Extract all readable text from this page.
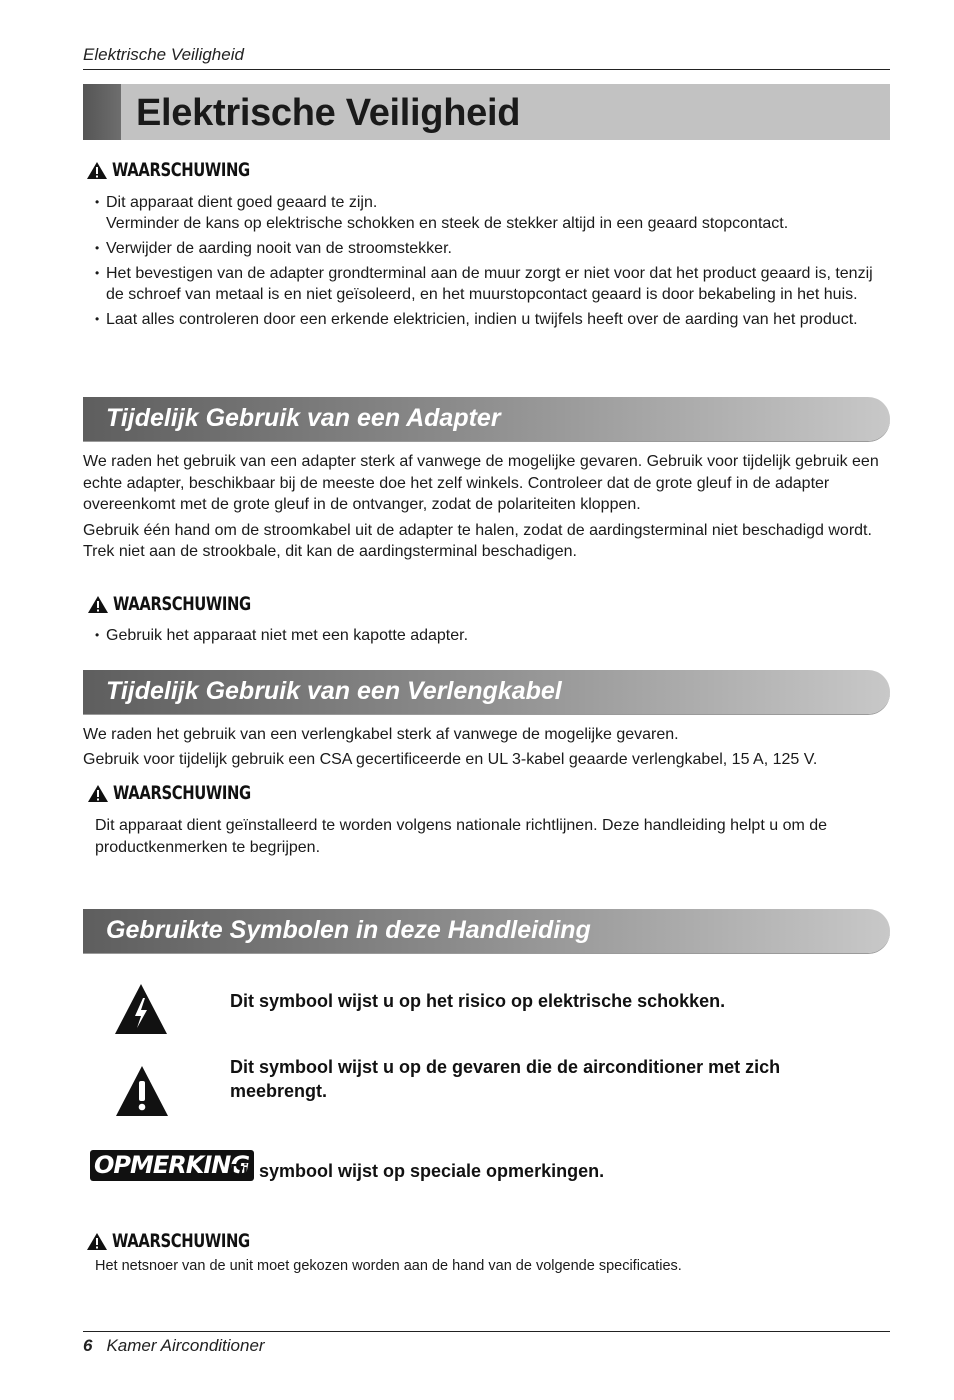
Elektrische Veiligheid
Elektrische Veiligheid
WAARSCHUWING
• Dit apparaat dient goed geaard te zijn.
Verminder de kans op elektrische schokken en steek de stekker altijd in een geaard stopcontact.
• Verwijder de aarding nooit van de stroomstekker.
• Het bevestigen van de adapter grondterminal aan de muur zorgt er niet voor dat het product geaard is, tenzij de schroef van metaal is en niet geïsoleerd, en het muurstopcontact geaard is door bekabeling in het huis.
• Laat alles controleren door een erkende elektricien, indien u twijfels heeft over de aarding van het product.
Tijdelijk Gebruik van een Adapter

We raden het gebruik van een adapter sterk af vanwege de mogelijke gevaren. Gebruik voor tijdelijk gebruik een echte adapter, beschikbaar bij de meeste doe het zelf winkels. Controleer dat de grote gleuf in de adapter overeenkomt met de grote gleuf in de ontvanger, zodat de polariteiten kloppen.

Gebruik één hand om de stroomkabel uit de adapter te halen, zodat de aardingsterminal niet beschadigd wordt. Trek niet aan de strookbale, dit kan de aardingsterminal beschadigen.

WAARSCHUWING
• Gebruik het apparaat niet met een kapotte adapter.
Tijdelijk Gebruik van een Verlengkabel

We raden het gebruik van een verlengkabel sterk af vanwege de mogelijke gevaren.

Gebruik voor tijdelijk gebruik een CSA gecertificeerde en UL 3-kabel geaarde verlengkabel, 15 A, 125 V.

WAARSCHUWING

Dit apparaat dient geïnstalleerd te worden volgens nationale richtlijnen. Deze handleiding helpt u om de productkenmerken te begrijpen.

Gebruikte Symbolen in deze Handleiding
Dit symbool wijst u op het risico op elektrische schokken.
Dit symbool wijst u op de gevaren die de airconditioner met zich meebrengt.
OPMERKING
Dit symbool wijst op speciale opmerkingen.
WAARSCHUWING

Het netsnoer van de unit moet gekozen worden aan de hand van de volgende specificaties.

6 Kamer Airconditioner
